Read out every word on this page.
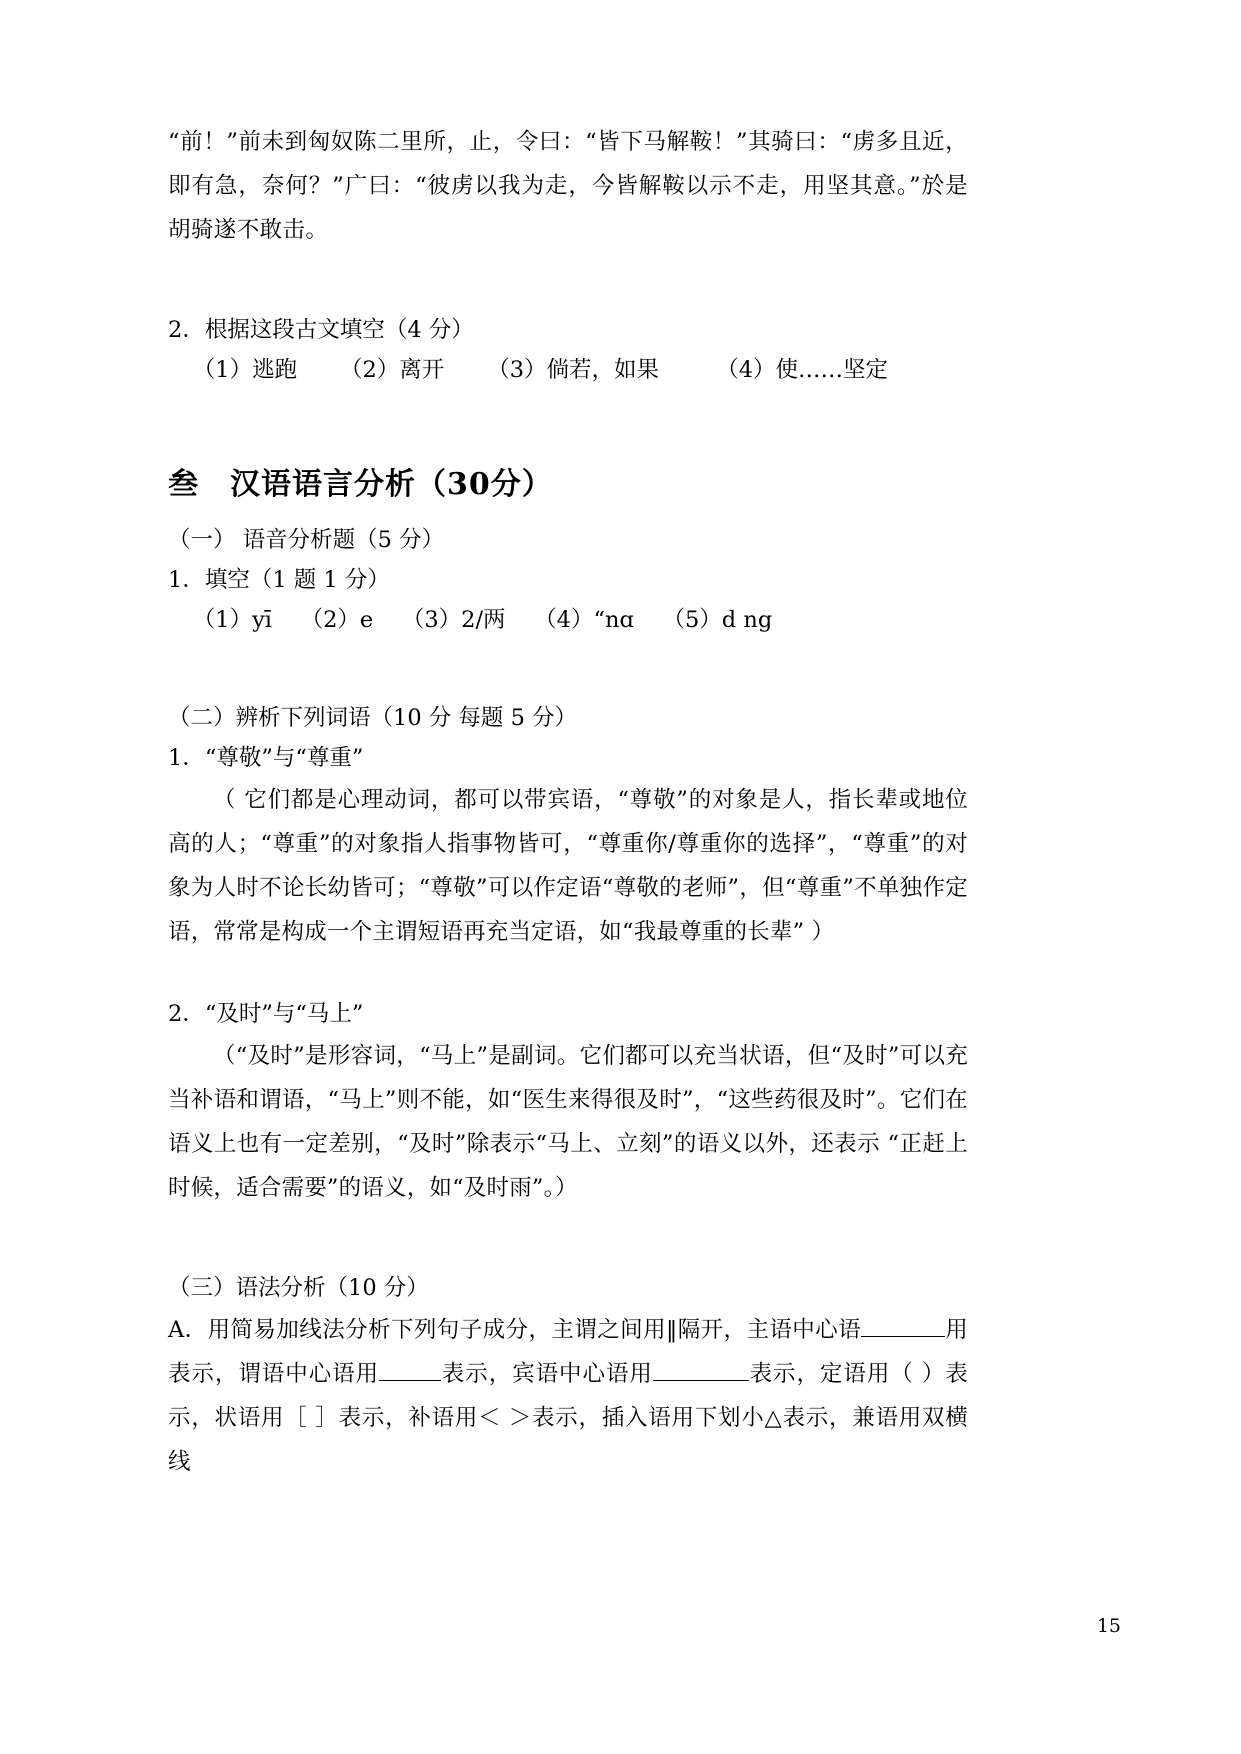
“前！”前未到匈奴陈二里所，止，令曰：“皆下马解鞍！”其骑曰：“虏多且近，即有急，奈何？”广曰：“彼虏以我为走，今皆解鞍以示不走，用坚其意。”於是胡骑遂不敢击。

2．根据这段古文填空（4 分）

（1）逃跑      （2）离开      （3）倘若，如果        （4）使……坚定

叁　汉语语言分析（30分）

（一） 语音分析题（5 分）

1．填空（1 题 1 分）

（1）yī    （2）e    （3）2/两    （4）“nɑ    （5）d ng

（二）辨析下列词语（10 分 每题 5 分）

1．“尊敬”与“尊重”

（ 它们都是心理动词，都可以带宾语，“尊敬”的对象是人，指长辈或地位高的人；“尊重”的对象指人指事物皆可，“尊重你/尊重你的选择”，“尊重”的对象为人时不论长幼皆可；“尊敬”可以作定语“尊敬的老师”，但“尊重”不单独作定语，常常是构成一个主谓短语再充当定语，如“我最尊重的长辈” ）

2．“及时”与“马上”

（“及时”是形容词，“马上”是副词。它们都可以充当状语，但“及时”可以充当补语和谓语，“马上”则不能，如“医生来得很及时”，“这些药很及时”。它们在语义上也有一定差别，“及时”除表示“马上、立刻”的语义以外，还表示 “正赶上时候，适合需要”的语义，如“及时雨”。）

（三）语法分析（10 分）

A．用简易加线法分析下列句子成分，主谓之间用‖隔开，主语中心语	用表示，谓语中心语用	表示，宾语中心语用	表示，定语用（ ）表示，状语用［ ］表示，补语用＜ ＞表示，插入语用下划小△表示，兼语用双横线

15
